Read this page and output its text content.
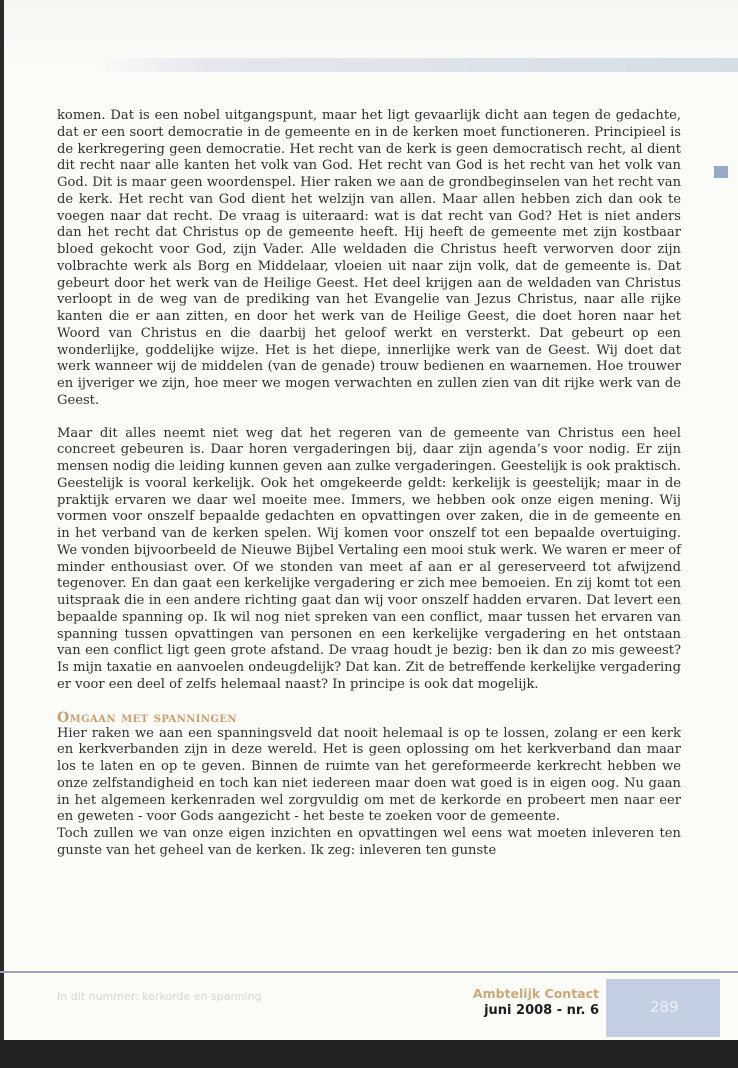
komen. Dat is een nobel uitgangspunt, maar het ligt gevaarlijk dicht aan tegen de gedachte, dat er een soort democratie in de gemeente en in de kerken moet functioneren. Principieel is de kerkregering geen democratie. Het recht van de kerk is geen democratisch recht, al dient dit recht naar alle kanten het volk van God. Het recht van God is het recht van het volk van God. Dit is maar geen woordenspel. Hier raken we aan de grondbeginselen van het recht van de kerk. Het recht van God dient het welzijn van allen. Maar allen hebben zich dan ook te voegen naar dat recht. De vraag is uiteraard: wat is dat recht van God? Het is niet anders dan het recht dat Christus op de gemeente heeft. Hij heeft de gemeente met zijn kostbaar bloed gekocht voor God, zijn Vader. Alle weldaden die Christus heeft verworven door zijn volbrachte werk als Borg en Middelaar, vloeien uit naar zijn volk, dat de gemeente is. Dat gebeurt door het werk van de Heilige Geest. Het deel krijgen aan de weldaden van Christus verloopt in de weg van de prediking van het Evangelie van Jezus Christus, naar alle rijke kanten die er aan zitten, en door het werk van de Heilige Geest, die doet horen naar het Woord van Christus en die daarbij het geloof werkt en versterkt. Dat gebeurt op een wonderlijke, goddelijke wijze. Het is het diepe, innerlijke werk van de Geest. Wij doet dat werk wanneer wij de middelen (van de genade) trouw bedienen en waarnemen. Hoe trouwer en ijveriger we zijn, hoe meer we mogen verwachten en zullen zien van dit rijke werk van de Geest.

Maar dit alles neemt niet weg dat het regeren van de gemeente van Christus een heel concreet gebeuren is. Daar horen vergaderingen bij, daar zijn agenda’s voor nodig. Er zijn mensen nodig die leiding kunnen geven aan zulke vergaderingen. Geestelijk is ook praktisch. Geestelijk is vooral kerkelijk. Ook het omgekeerde geldt: kerkelijk is geestelijk; maar in de praktijk ervaren we daar wel moeite mee. Immers, we hebben ook onze eigen mening. Wij vormen voor onszelf bepaalde gedachten en opvattingen over zaken, die in de gemeente en in het verband van de kerken spelen. Wij komen voor onszelf tot een bepaalde overtuiging. We vonden bijvoorbeeld de Nieuwe Bijbel Vertaling een mooi stuk werk. We waren er meer of minder enthousiast over. Of we stonden van meet af aan er al gereserveerd tot afwijzend tegenover. En dan gaat een kerkelijke vergadering er zich mee bemoeien. En zij komt tot een uitspraak die in een andere richting gaat dan wij voor onszelf hadden ervaren. Dat levert een bepaalde spanning op. Ik wil nog niet spreken van een conflict, maar tussen het ervaren van spanning tussen opvattingen van personen en een kerkelijke vergadering en het ontstaan van een conflict ligt geen grote afstand. De vraag houdt je bezig: ben ik dan zo mis geweest? Is mijn taxatie en aanvoelen ondeugdelijk? Dat kan. Zit de betreffende kerkelijke vergadering er voor een deel of zelfs helemaal naast? In principe is ook dat mogelijk.

Omgaan met spanningen

Hier raken we aan een spanningsveld dat nooit helemaal is op te lossen, zolang er een kerk en kerkverbanden zijn in deze wereld. Het is geen oplossing om het kerkverband dan maar los te laten en op te geven. Binnen de ruimte van het gereformeerde kerkrecht hebben we onze zelfstandigheid en toch kan niet iedereen maar doen wat goed is in eigen oog. Nu gaan in het algemeen kerkenraden wel zorgvuldig om met de kerkorde en probeert men naar eer en geweten - voor Gods aangezicht - het beste te zoeken voor de gemeente.

Toch zullen we van onze eigen inzichten en opvattingen wel eens wat moeten inleveren ten gunste van het geheel van de kerken. Ik zeg: inleveren ten gunste

In dit nummer: kerkorde en spanning
289
Ambtelijk Contact
juni 2008 - nr. 6
